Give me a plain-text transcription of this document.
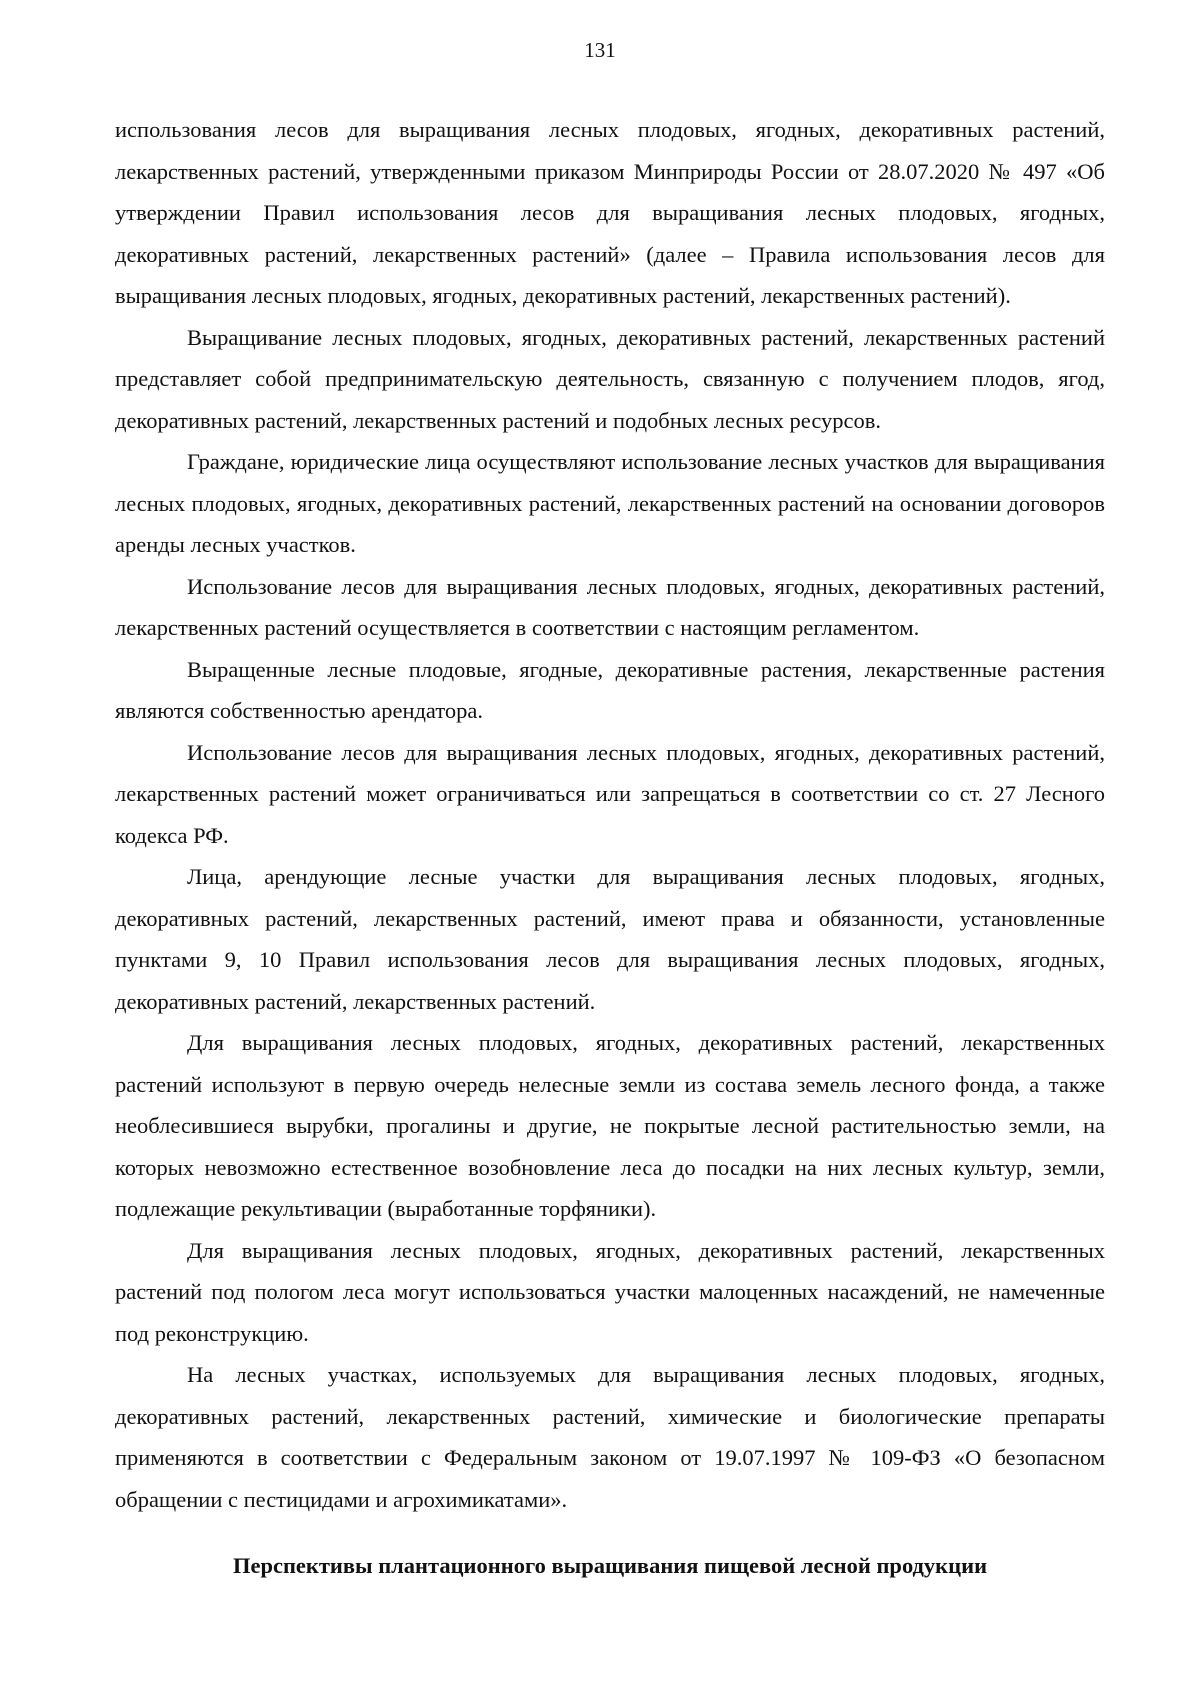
131

использования лесов для выращивания лесных плодовых, ягодных, декоративных растений, лекарственных растений, утвержденными приказом Минприроды России от 28.07.2020 № 497 «Об утверждении Правил использования лесов для выращивания лесных плодовых, ягодных, декоративных растений, лекарственных растений» (далее – Правила использования лесов для выращивания лесных плодовых, ягодных, декоративных растений, лекарственных растений).

Выращивание лесных плодовых, ягодных, декоративных растений, лекарственных растений представляет собой предпринимательскую деятельность, связанную с получением плодов, ягод, декоративных растений, лекарственных растений и подобных лесных ресурсов.

Граждане, юридические лица осуществляют использование лесных участков для выращивания лесных плодовых, ягодных, декоративных растений, лекарственных растений на основании договоров аренды лесных участков.

Использование лесов для выращивания лесных плодовых, ягодных, декоративных растений, лекарственных растений осуществляется в соответствии с настоящим регламентом.

Выращенные лесные плодовые, ягодные, декоративные растения, лекарственные растения являются собственностью арендатора.

Использование лесов для выращивания лесных плодовых, ягодных, декоративных растений, лекарственных растений может ограничиваться или запрещаться в соответствии со ст. 27 Лесного кодекса РФ.

Лица, арендующие лесные участки для выращивания лесных плодовых, ягодных, декоративных растений, лекарственных растений, имеют права и обязанности, установленные пунктами 9, 10 Правил использования лесов для выращивания лесных плодовых, ягодных, декоративных растений, лекарственных растений.

Для выращивания лесных плодовых, ягодных, декоративных растений, лекарственных растений используют в первую очередь нелесные земли из состава земель лесного фонда, а также необлесившиеся вырубки, прогалины и другие, не покрытые лесной растительностью земли, на которых невозможно естественное возобновление леса до посадки на них лесных культур, земли, подлежащие рекультивации (выработанные торфяники).

Для выращивания лесных плодовых, ягодных, декоративных растений, лекарственных растений под пологом леса могут использоваться участки малоценных насаждений, не намеченные под реконструкцию.

На лесных участках, используемых для выращивания лесных плодовых, ягодных, декоративных растений, лекарственных растений, химические и биологические препараты применяются в соответствии с Федеральным законом от 19.07.1997 № 109-ФЗ «О безопасном обращении с пестицидами и агрохимикатами».

Перспективы плантационного выращивания пищевой лесной продукции
